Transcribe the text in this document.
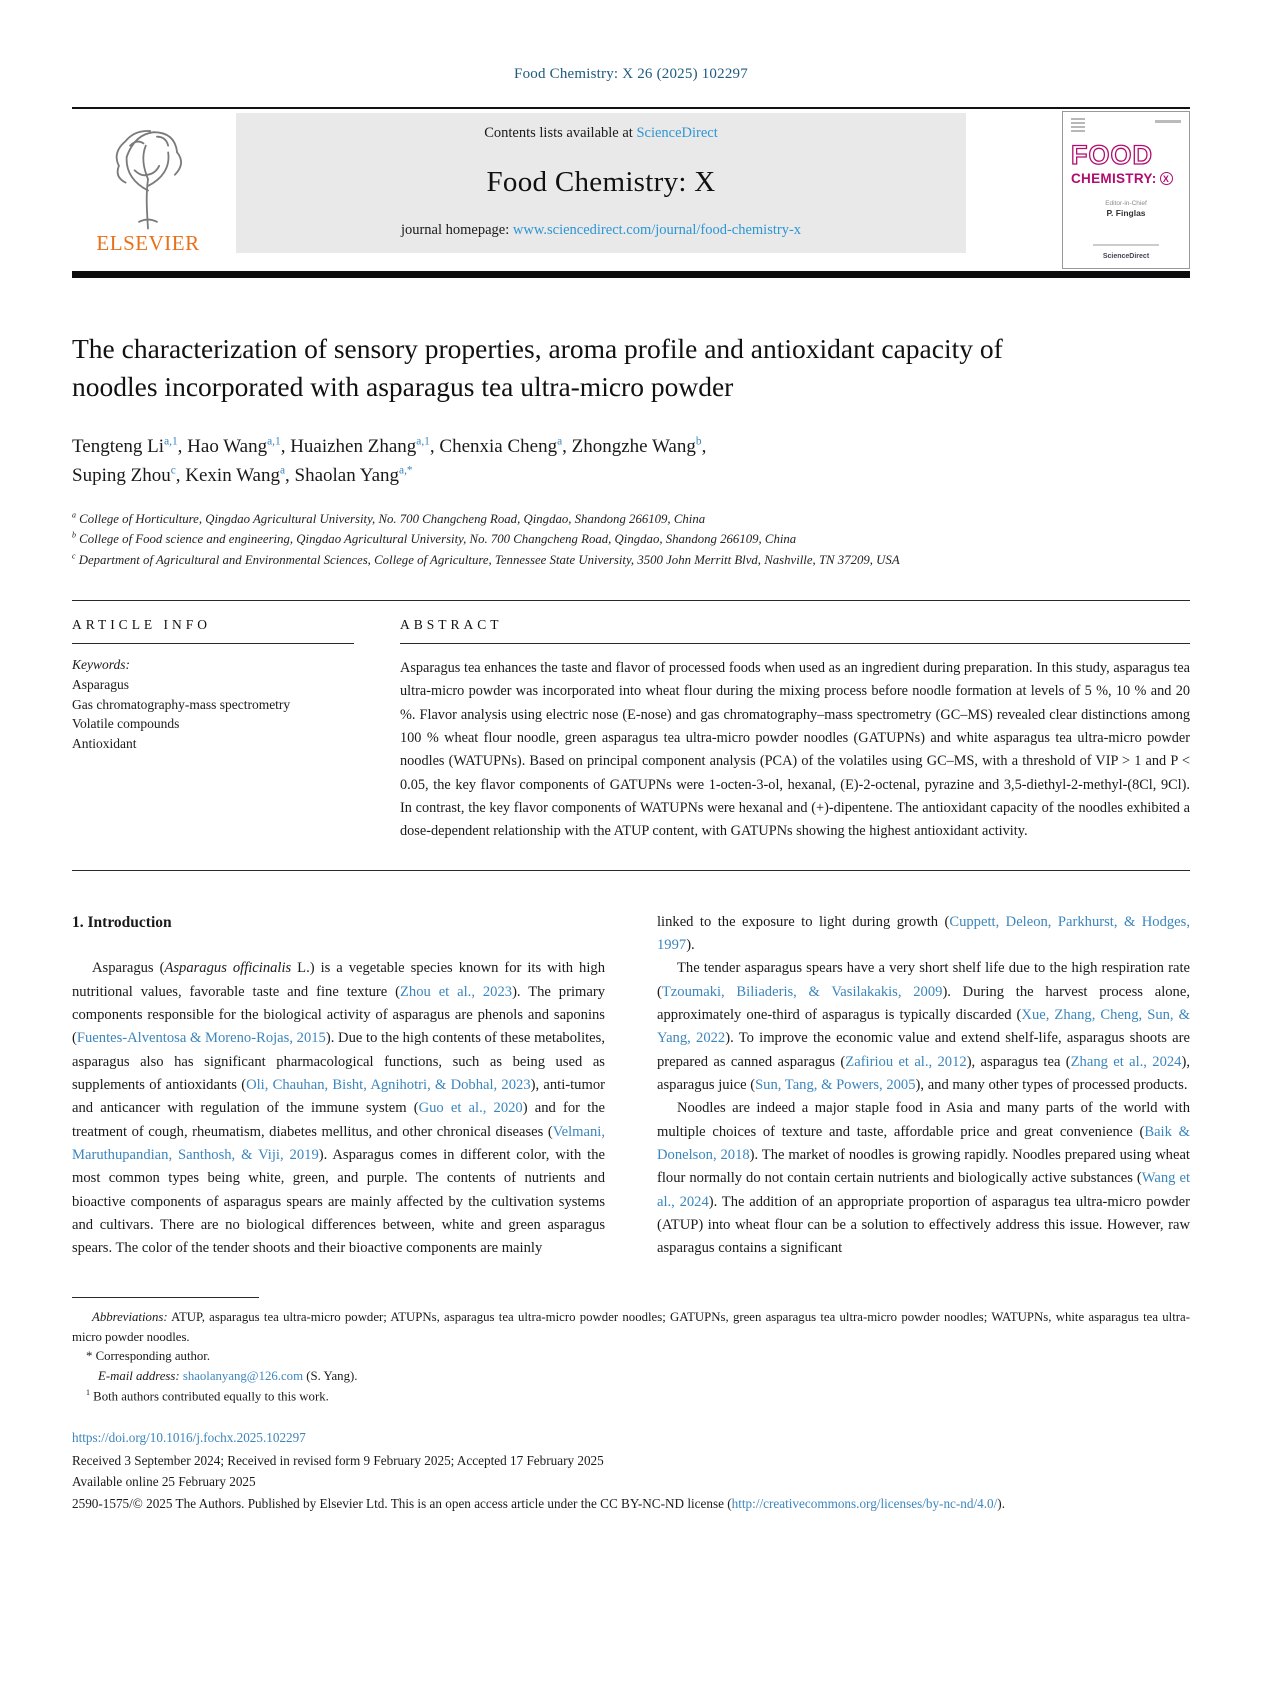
Food Chemistry: X 26 (2025) 102297
ELSEVIER
Contents lists available at ScienceDirect
Food Chemistry: X
journal homepage: www.sciencedirect.com/journal/food-chemistry-x
FOOD
CHEMISTRY: X
Editor-in-Chief
P. Finglas
ScienceDirect
The characterization of sensory properties, aroma profile and antioxidant capacity of noodles incorporated with asparagus tea ultra-micro powder
Tengteng Li$^{a,1}$, Hao Wang$^{a,1}$, Huaizhen Zhang$^{a,1}$, Chenxia Cheng$^a$, Zhongzhe Wang$^b$,
Suping Zhou$^c$, Kexin Wang$^a$, Shaolan Yang$^{a,*}$
$^a$ College of Horticulture, Qingdao Agricultural University, No. 700 Changcheng Road, Qingdao, Shandong 266109, China
$^b$ College of Food science and engineering, Qingdao Agricultural University, No. 700 Changcheng Road, Qingdao, Shandong 266109, China
$^c$ Department of Agricultural and Environmental Sciences, College of Agriculture, Tennessee State University, 3500 John Merritt Blvd, Nashville, TN 37209, USA
ARTICLE INFO
Keywords:
Asparagus
Gas chromatography-mass spectrometry
Volatile compounds
Antioxidant
ABSTRACT

Asparagus tea enhances the taste and flavor of processed foods when used as an ingredient during preparation. In this study, asparagus tea ultra-micro powder was incorporated into wheat flour during the mixing process before noodle formation at levels of 5 %, 10 % and 20 %. Flavor analysis using electric nose (E-nose) and gas chromatography–mass spectrometry (GC–MS) revealed clear distinctions among 100 % wheat flour noodle, green asparagus tea ultra-micro powder noodles (GATUPNs) and white asparagus tea ultra-micro powder noodles (WATUPNs). Based on principal component analysis (PCA) of the volatiles using GC–MS, with a threshold of VIP > 1 and P < 0.05, the key flavor components of GATUPNs were 1-octen-3-ol, hexanal, (E)-2-octenal, pyrazine and 3,5-diethyl-2-methyl-(8Cl, 9Cl). In contrast, the key flavor components of WATUPNs were hexanal and (+)-dipentene. The antioxidant capacity of the noodles exhibited a dose-dependent relationship with the ATUP content, with GATUPNs showing the highest antioxidant activity.

1. Introduction

Asparagus (Asparagus officinalis L.) is a vegetable species known for its with high nutritional values, favorable taste and fine texture (Zhou et al., 2023). The primary components responsible for the biological activity of asparagus are phenols and saponins (Fuentes-Alventosa & Moreno-Rojas, 2015). Due to the high contents of these metabolites, asparagus also has significant pharmacological functions, such as being used as supplements of antioxidants (Oli, Chauhan, Bisht, Agnihotri, & Dobhal, 2023), anti-tumor and anticancer with regulation of the immune system (Guo et al., 2020) and for the treatment of cough, rheumatism, diabetes mellitus, and other chronical diseases (Velmani, Maruthupandian, Santhosh, & Viji, 2019). Asparagus comes in different color, with the most common types being white, green, and purple. The contents of nutrients and bioactive components of asparagus spears are mainly affected by the cultivation systems and cultivars. There are no biological differences between, white and green asparagus spears. The color of the tender shoots and their bioactive components are mainly

linked to the exposure to light during growth (Cuppett, Deleon, Parkhurst, & Hodges, 1997).

The tender asparagus spears have a very short shelf life due to the high respiration rate (Tzoumaki, Biliaderis, & Vasilakakis, 2009). During the harvest process alone, approximately one-third of asparagus is typically discarded (Xue, Zhang, Cheng, Sun, & Yang, 2022). To improve the economic value and extend shelf-life, asparagus shoots are prepared as canned asparagus (Zafiriou et al., 2012), asparagus tea (Zhang et al., 2024), asparagus juice (Sun, Tang, & Powers, 2005), and many other types of processed products.

Noodles are indeed a major staple food in Asia and many parts of the world with multiple choices of texture and taste, affordable price and great convenience (Baik & Donelson, 2018). The market of noodles is growing rapidly. Noodles prepared using wheat flour normally do not contain certain nutrients and biologically active substances (Wang et al., 2024). The addition of an appropriate proportion of asparagus tea ultra-micro powder (ATUP) into wheat flour can be a solution to effectively address this issue. However, raw asparagus contains a significant

Abbreviations: ATUP, asparagus tea ultra-micro powder; ATUPNs, asparagus tea ultra-micro powder noodles; GATUPNs, green asparagus tea ultra-micro powder noodles; WATUPNs, white asparagus tea ultra-micro powder noodles.

* Corresponding author.

E-mail address: shaolanyang@126.com (S. Yang).

$^1$ Both authors contributed equally to this work.

https://doi.org/10.1016/j.fochx.2025.102297
Received 3 September 2024; Received in revised form 9 February 2025; Accepted 17 February 2025
Available online 25 February 2025
2590-1575/© 2025 The Authors. Published by Elsevier Ltd. This is an open access article under the CC BY-NC-ND license (http://creativecommons.org/licenses/by-nc-nd/4.0/).
